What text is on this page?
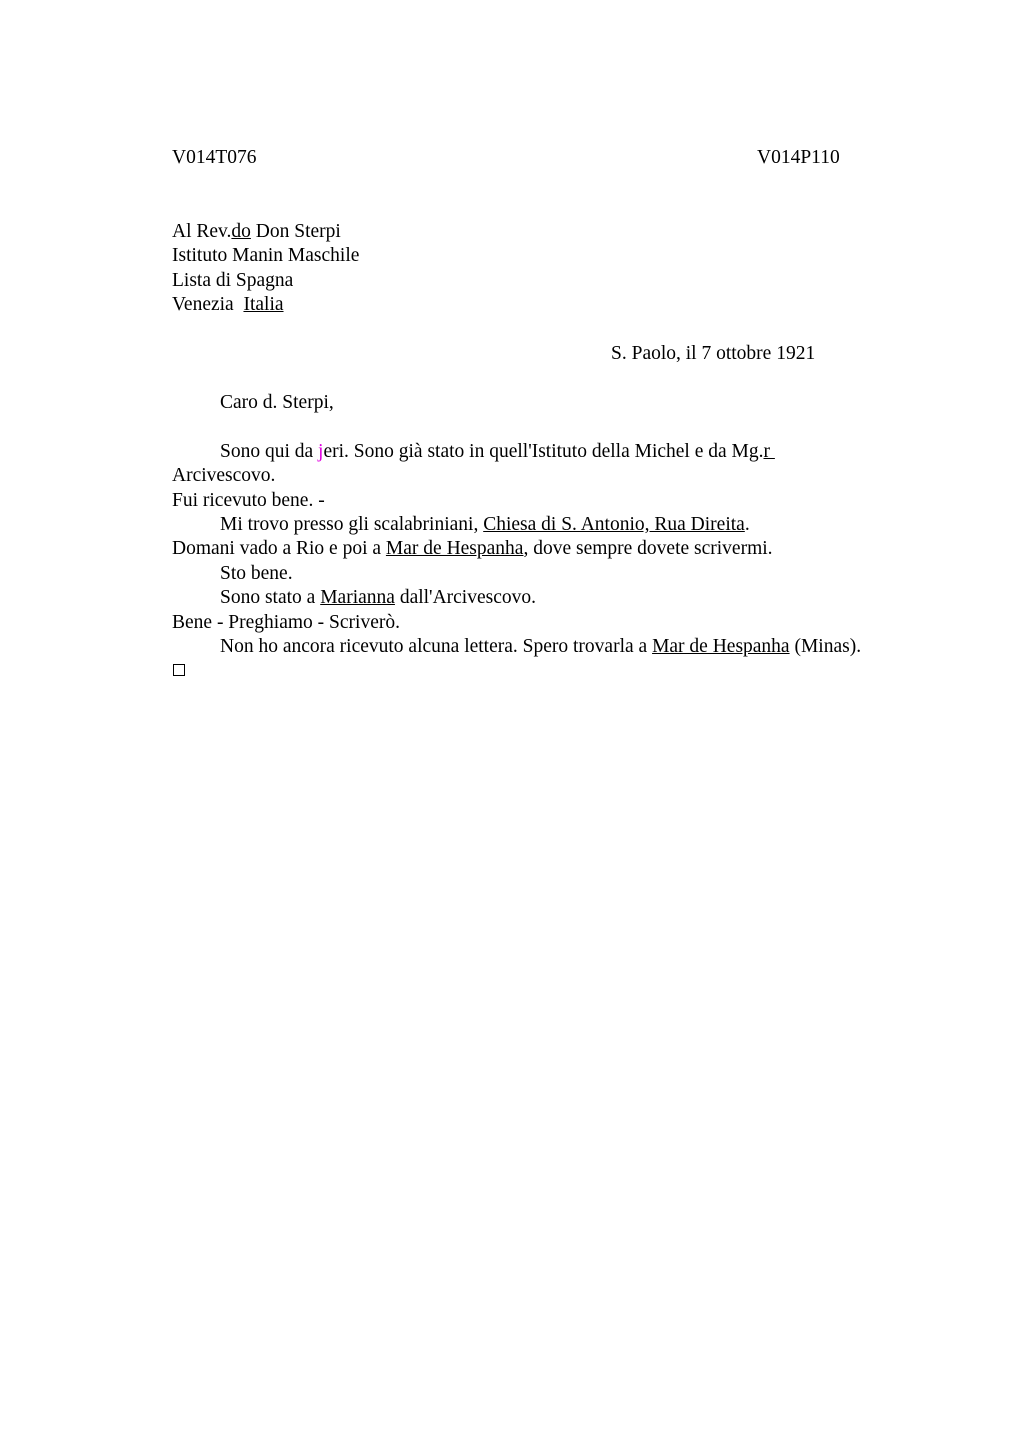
V014T076	V014P110
Al Rev.do Don Sterpi
Istituto Manin Maschile
Lista di Spagna
Venezia  Italia
S. Paolo, il 7 ottobre 1921
Caro d. Sterpi,
Sono qui da jeri. Sono già stato in quell'Istituto della Michel e da Mg.r
Arcivescovo.
Fui ricevuto bene. -
Mi trovo presso gli scalabriniani, Chiesa di S. Antonio, Rua Direita.
Domani vado a Rio e poi a Mar de Hespanha, dove sempre dovete scrivermi.
Sto bene.
Sono stato a Marianna dall'Arcivescovo.
Bene - Preghiamo - Scriverò.
Non ho ancora ricevuto alcuna lettera. Spero trovarla a Mar de Hespanha (Minas).
